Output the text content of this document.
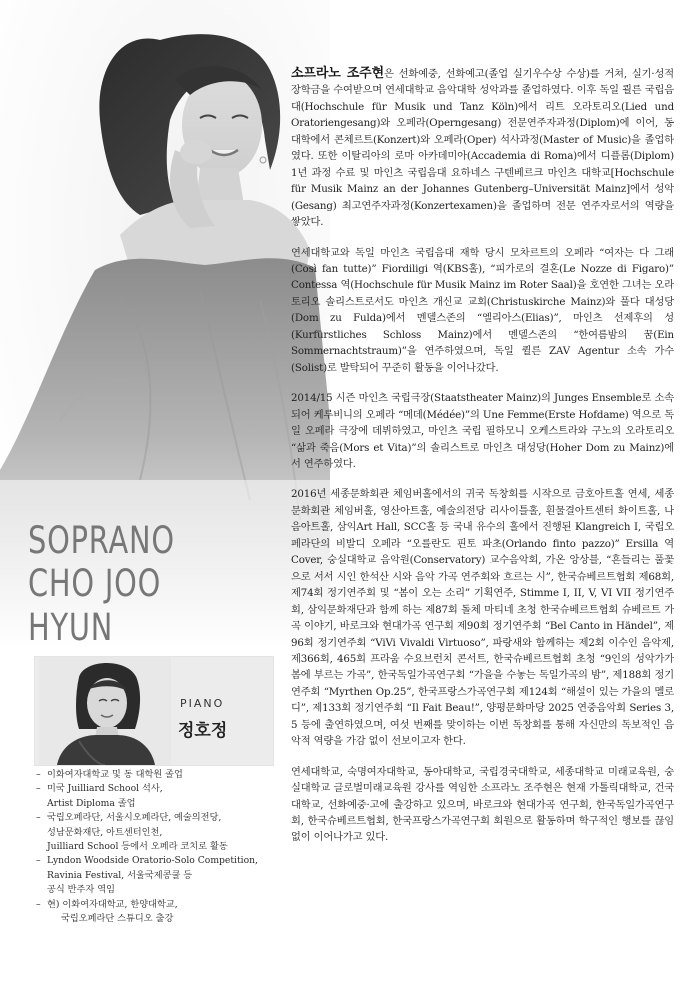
SOPRANO
CHO JOO HYUN
PIANO
정호정
– 이화여자대학교 및 동 대학원 졸업
– 미국 Juilliard School 석사,
Artist Diploma 졸업
– 국립오페라단, 서울시오페라단, 예술의전당,
성남문화재단, 아트센터인천,
Juilliard School 등에서 오페라 코치로 활동
– Lyndon Woodside Oratorio-Solo Competition,
Ravinia Festival, 서울국제콩쿨 등
공식 반주자 역임
– 현) 이화여자대학교, 한양대학교,
국립오페라단 스튜디오 출강

소프라노 조주현은 선화예중, 선화예고(졸업 실기우수상 수상)를 거쳐, 실기·성적 장학금을 수여받으며 연세대학교 음악대학 성악과를 졸업하였다. 이후 독일 쾰른 국립음대(Hochschule für Musik und Tanz Köln)에서 리트 오라토리오(Lied und Oratoriengesang)와 오페라(Operngesang) 전문연주자과정(Diplom)에 이어, 동 대학에서 콘체르트(Konzert)와 오페라(Oper) 석사과정(Master of Music)을 졸업하였다. 또한 이탈리아의 로마 아카데미아(Accademia di Roma)에서 디플롬(Diplom) 1년 과정 수료 및 마인츠 국립음대 요하네스 구텐베르크 마인츠 대학교[Hochschule für Musik Mainz an der Johannes Gutenberg–Universität Mainz]에서 성악(Gesang) 최고연주자과정(Konzertexamen)을 졸업하며 전문 연주자로서의 역량을 쌓았다.

연세대학교와 독일 마인츠 국립음대 재학 당시 모차르트의 오페라 “여자는 다 그래(Così fan tutte)” Fiordiligi 역(KBS홀), “피가로의 결혼(Le Nozze di Figaro)” Contessa 역(Hochschule für Musik Mainz im Roter Saal)을 호연한 그녀는 오라토리오 솔리스트로서도 마인츠 개신교 교회(Christuskirche Mainz)와 풀다 대성당(Dom zu Fulda)에서 멘델스존의 “엘리아스(Elias)”, 마인츠 선제후의 성(Kurfürstliches Schloss Mainz)에서 멘델스존의 “한여름밤의 꿈(Ein Sommernachtstraum)”을 연주하였으며, 독일 퀼른 ZAV Agentur 소속 가수(Solist)로 발탁되어 꾸준히 활동을 이어나갔다.

2014/15 시즌 마인츠 국립극장(Staatstheater Mainz)의 Junges Ensemble로 소속되어 케루비니의 오페라 “메데(Médée)”의 Une Femme(Erste Hofdame) 역으로 독일 오페라 극장에 데뷔하였고, 마인츠 국립 필하모니 오케스트라와 구노의 오라토리오 “삶과 죽음(Mors et Vita)”의 솔리스트로 마인츠 대성당(Hoher Dom zu Mainz)에서 연주하였다.

2016년 세종문화회관 체임버홀에서의 귀국 독창회를 시작으로 금호아트홀 연세, 세종문화회관 체임버홀, 영산아트홀, 예술의전당 리사이틀홀, 흰물결아트센터 화이트홀, 나음아트홀, 삼익Art Hall, SCC홀 등 국내 유수의 홀에서 진행된 Klangreich I, 국립오페라단의 비발디 오페라 “오를란도 핀토 파초(Orlando finto pazzo)” Ersilla 역 Cover, 숭실대학교 음악원(Conservatory) 교수음악회, 가온 앙상블, “흔들리는 풀꽃으로 서서 시인 한석산 시와 음악 가곡 연주회와 흐르는 시”, 한국슈베르트협회 제68회, 제74회 정기연주회 및 “봄이 오는 소리” 기획연주, Stimme I, II, V, VI VII 정기연주회, 삼익문화재단과 함께 하는 제87회 돌체 마티네 초청 한국슈베르트협회 슈베르트 가곡 이야기, 바로크와 현대가곡 연구회 제90회 정기연주회 “Bel Canto in Händel”, 제96회 정기연주회 “ViVi Vivaldi Virtuoso”, 파랑새와 함께하는 제2회 이수인 음악제, 제366회, 465회 프라움 수요브런치 콘서트, 한국슈베르트협회 초청 “9인의 성악가가 봄에 부르는 가곡”, 한국독일가곡연구회 “가을을 수놓는 독일가곡의 밤”, 제188회 정기연주회 “Myrthen Op.25”, 한국프랑스가곡연구회 제124회 “해설이 있는 가을의 멜로디”, 제133회 정기연주회 “Il Fait Beau!”, 양평문화마당 2025 연중음악회 Series 3, 5 등에 출연하였으며, 여섯 번째를 맞이하는 이번 독창회를 통해 자신만의 독보적인 음악적 역량을 가감 없이 선보이고자 한다.

연세대학교, 숙명여자대학교, 동아대학교, 국립경국대학교, 세종대학교 미래교육원, 숭실대학교 글로벌미래교육원 강사를 역임한 소프라노 조주현은 현재 가톨릭대학교, 건국대학교, 선화예중·고에 출강하고 있으며, 바로크와 현대가곡 연구회, 한국독일가곡연구회, 한국슈베르트협회, 한국프랑스가곡연구회 회원으로 활동하며 학구적인 행보를 끊임없이 이어나가고 있다.
